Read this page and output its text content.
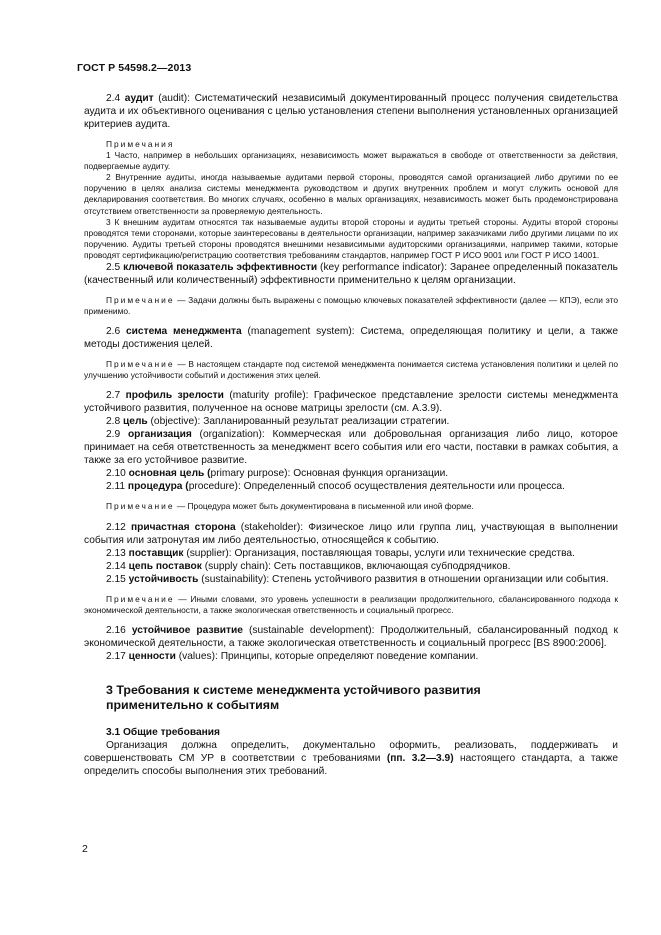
ГОСТ Р 54598.2—2013

2.4 аудит (audit): Систематический независимый документированный процесс получения свидетельства аудита и их объективного оценивания с целью установления степени выполнения установленных организацией критериев аудита.

Примечания

1 Часто, например в небольших организациях, независимость может выражаться в свободе от ответственности за действия, подвергаемые аудиту.

2 Внутренние аудиты, иногда называемые аудитами первой стороны, проводятся самой организацией либо другими по ее поручению в целях анализа системы менеджмента руководством и других внутренних проблем и могут служить основой для декларирования соответствия. Во многих случаях, особенно в малых организациях, независимость может быть продемонстрирована отсутствием ответственности за проверяемую деятельность.

3 К внешним аудитам относятся так называемые аудиты второй стороны и аудиты третьей стороны. Аудиты второй стороны проводятся теми сторонами, которые заинтересованы в деятельности организации, например заказчиками либо другими лицами по их поручению. Аудиты третьей стороны проводятся внешними независимыми аудиторскими организациями, например такими, которые проводят сертификацию/регистрацию соответствия требованиям стандартов, например ГОСТ Р ИСО 9001 или ГОСТ Р ИСО 14001.

2.5 ключевой показатель эффективности (key performance indicator): Заранее определенный показатель (качественный или количественный) эффективности применительно к целям организации.

Примечание — Задачи должны быть выражены с помощью ключевых показателей эффективности (далее — КПЭ), если это применимо.

2.6 система менеджмента (management system): Система, определяющая политику и цели, а также методы достижения целей.

Примечание — В настоящем стандарте под системой менеджмента понимается система установления политики и целей по улучшению устойчивости событий и достижения этих целей.

2.7 профиль зрелости (maturity profile): Графическое представление зрелости системы менеджмента устойчивого развития, полученное на основе матрицы зрелости (см. А.3.9).

2.8 цель (objective): Запланированный результат реализации стратегии.

2.9 организация (organization): Коммерческая или добровольная организация либо лицо, которое принимает на себя ответственность за менеджмент всего события или его части, поставки в рамках события, а также за его устойчивое развитие.

2.10 основная цель (primary purpose): Основная функция организации.

2.11 процедура (procedure): Определенный способ осуществления деятельности или процесса.

Примечание — Процедура может быть документирована в письменной или иной форме.

2.12 причастная сторона (stakeholder): Физическое лицо или группа лиц, участвующая в выполнении события или затронутая им либо деятельностью, относящейся к событию.

2.13 поставщик (supplier): Организация, поставляющая товары, услуги или технические средства.

2.14 цепь поставок (supply chain): Сеть поставщиков, включающая субподрядчиков.

2.15 устойчивость (sustainability): Степень устойчивого развития в отношении организации или события.

Примечание — Иными словами, это уровень успешности в реализации продолжительного, сбалансированного подхода к экономической деятельности, а также экологическая ответственность и социальный прогресс.

2.16 устойчивое развитие (sustainable development): Продолжительный, сбалансированный подход к экономической деятельности, а также экологическая ответственность и социальный прогресс [BS 8900:2006].

2.17 ценности (values): Принципы, которые определяют поведение компании.

3 Требования к системе менеджмента устойчивого развития
применительно к событиям
3.1 Общие требования

Организация должна определить, документально оформить, реализовать, поддерживать и совершенствовать СМ УР в соответствии с требованиями (пп. 3.2—3.9) настоящего стандарта, а также определить способы выполнения этих требований.

2
